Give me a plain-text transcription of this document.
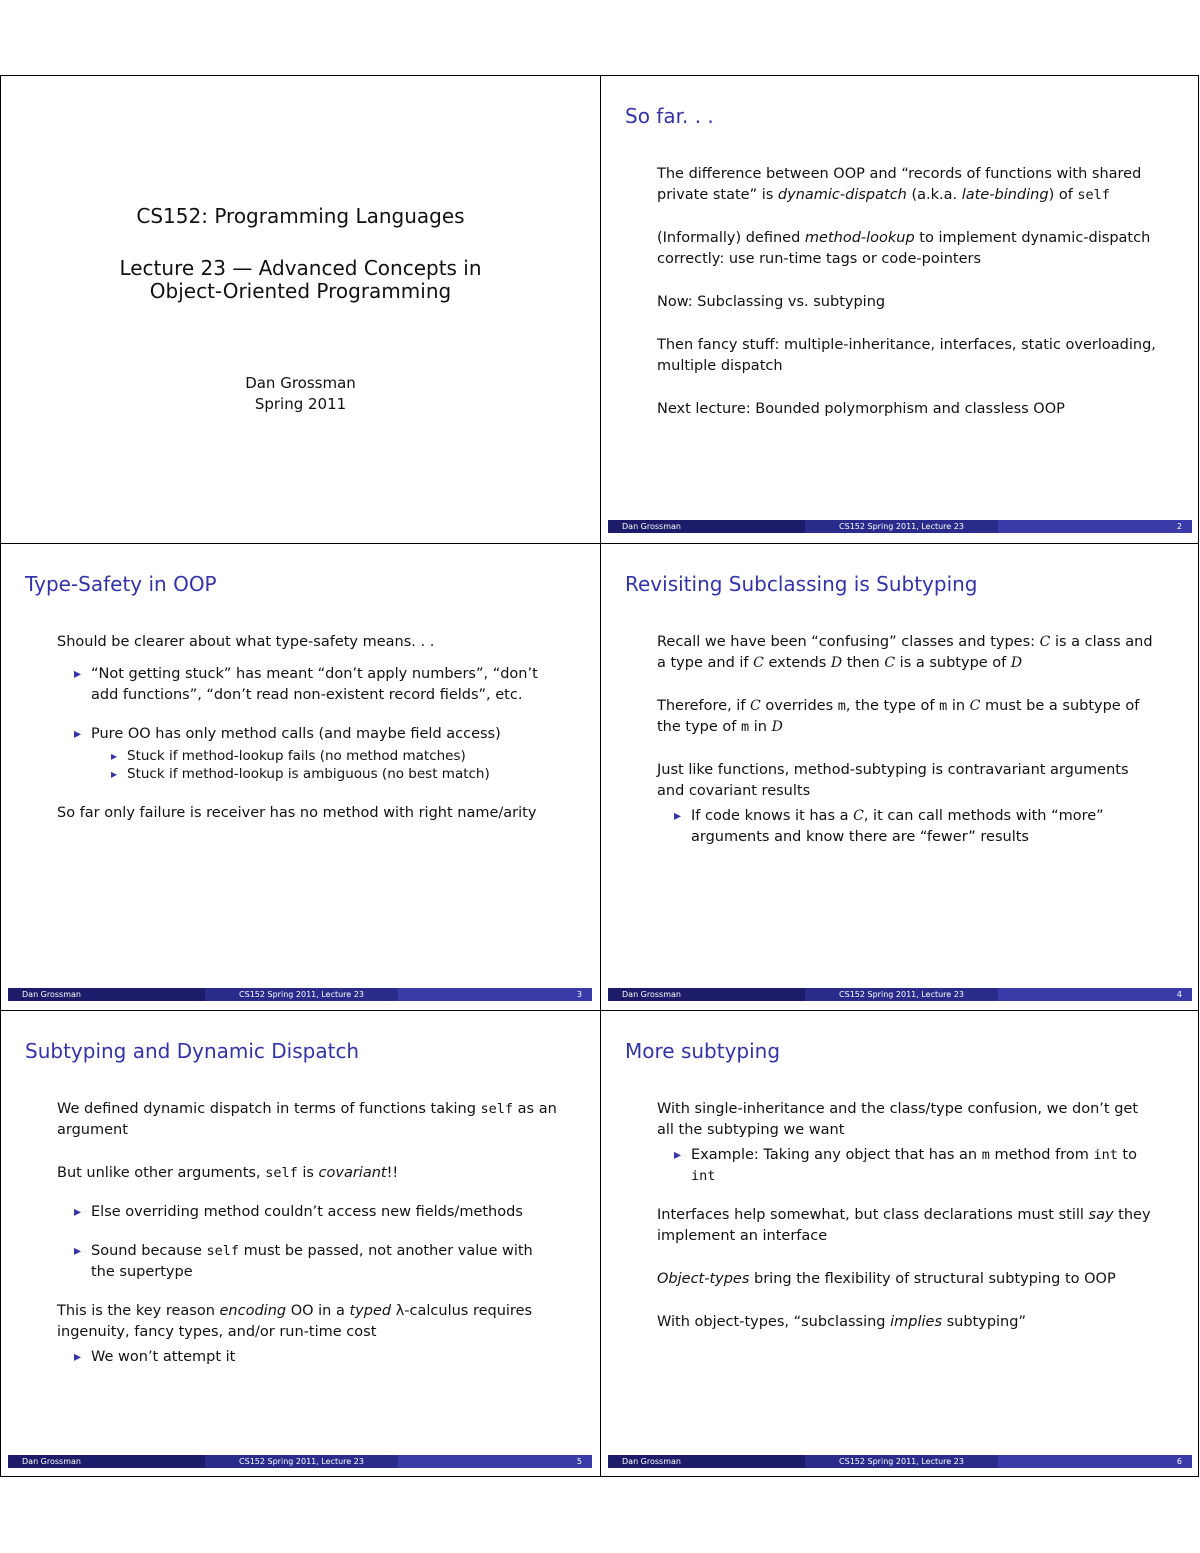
CS152: Programming Languages
Lecture 23 — Advanced Concepts in
Object-Oriented Programming
Dan Grossman
Spring 2011
So far. . .

The difference between OOP and “records of functions with shared private state” is dynamic-dispatch (a.k.a. late-binding) of self

(Informally) defined method-lookup to implement dynamic-dispatch correctly: use run-time tags or code-pointers

Now: Subclassing vs. subtyping

Then fancy stuff: multiple-inheritance, interfaces, static overloading, multiple dispatch

Next lecture: Bounded polymorphism and classless OOP

Dan Grossman	CS152 Spring 2011, Lecture 23	2
Type-Safety in OOP

Should be clearer about what type-safety means. . .

▸ “Not getting stuck” has meant “don’t apply numbers”, “don’t add functions”, “don’t read non-existent record fields”, etc.

▸ Pure OO has only method calls (and maybe field access)

▸ Stuck if method-lookup fails (no method matches)

▸ Stuck if method-lookup is ambiguous (no best match)

So far only failure is receiver has no method with right name/arity

Dan Grossman	CS152 Spring 2011, Lecture 23	3
Revisiting Subclassing is Subtyping

Recall we have been “confusing” classes and types: C is a class and a type and if C extends D then C is a subtype of D

Therefore, if C overrides m, the type of m in C must be a subtype of the type of m in D

Just like functions, method-subtyping is contravariant arguments and covariant results

▸ If code knows it has a C, it can call methods with “more” arguments and know there are “fewer” results

Dan Grossman	CS152 Spring 2011, Lecture 23	4
Subtyping and Dynamic Dispatch

We defined dynamic dispatch in terms of functions taking self as an argument

But unlike other arguments, self is covariant!!

▸ Else overriding method couldn’t access new fields/methods

▸ Sound because self must be passed, not another value with the supertype

This is the key reason encoding OO in a typed λ-calculus requires ingenuity, fancy types, and/or run-time cost

▸ We won’t attempt it

Dan Grossman	CS152 Spring 2011, Lecture 23	5
More subtyping

With single-inheritance and the class/type confusion, we don’t get all the subtyping we want

▸ Example: Taking any object that has an m method from int to int

Interfaces help somewhat, but class declarations must still say they implement an interface

Object-types bring the flexibility of structural subtyping to OOP

With object-types, “subclassing implies subtyping”

Dan Grossman	CS152 Spring 2011, Lecture 23	6
